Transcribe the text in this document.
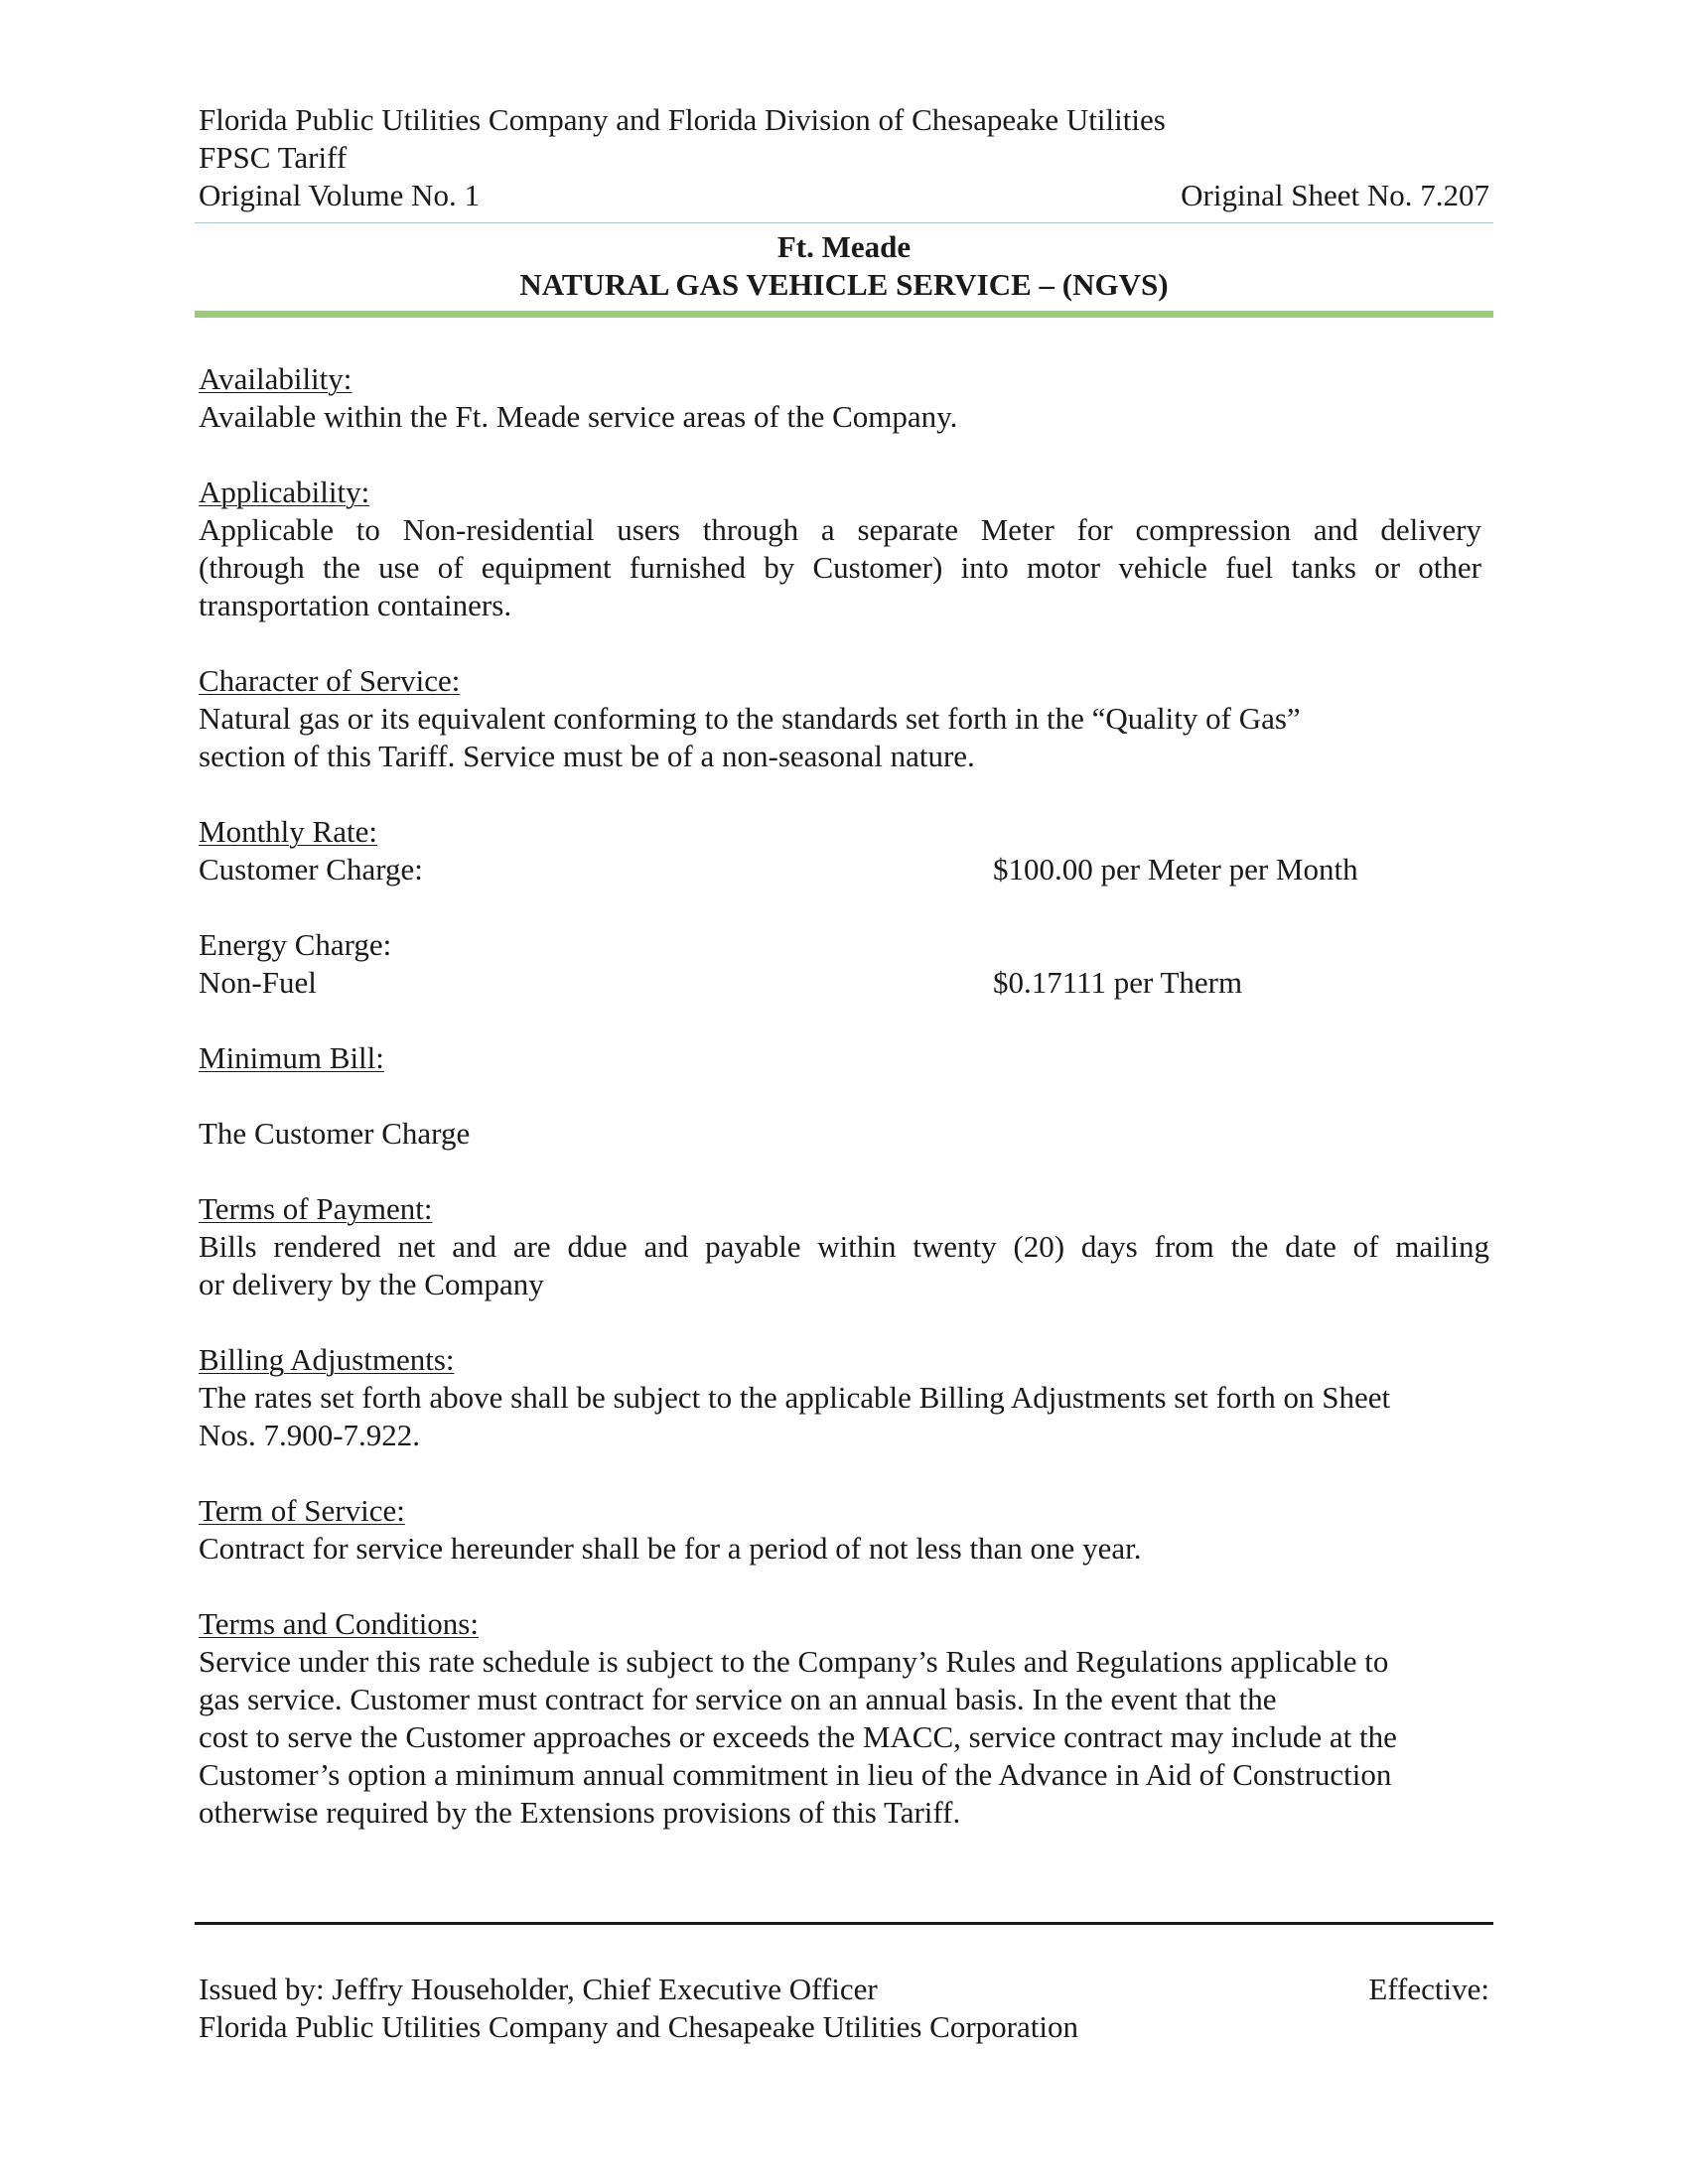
Florida Public Utilities Company and Florida Division of Chesapeake Utilities
FPSC Tariff
Original Volume No. 1	Original Sheet No. 7.207
Ft. Meade
NATURAL GAS VEHICLE SERVICE – (NGVS)
Availability:
Available within the Ft. Meade service areas of the Company.
Applicability:
Applicable to Non-residential users through a separate Meter for compression and delivery
(through the use of equipment furnished by Customer) into motor vehicle fuel tanks or other
transportation containers.
Character of Service:
Natural gas or its equivalent conforming to the standards set forth in the “Quality of Gas”
section of this Tariff. Service must be of a non-seasonal nature.
Monthly Rate:
Customer Charge:	$100.00 per Meter per Month
Energy Charge:
Non-Fuel	$0.17111 per Therm
Minimum Bill:
The Customer Charge
Terms of Payment:
Bills rendered net and are ddue and payable within twenty (20) days from the date of mailing
or delivery by the Company
Billing Adjustments:
The rates set forth above shall be subject to the applicable Billing Adjustments set forth on Sheet
Nos. 7.900-7.922.
Term of Service:
Contract for service hereunder shall be for a period of not less than one year.
Terms and Conditions:
Service under this rate schedule is subject to the Company’s Rules and Regulations applicable to
gas service. Customer must contract for service on an annual basis. In the event that the
cost to serve the Customer approaches or exceeds the MACC, service contract may include at the
Customer’s option a minimum annual commitment in lieu of the Advance in Aid of Construction
otherwise required by the Extensions provisions of this Tariff.
Issued by: Jeffry Householder, Chief Executive Officer	Effective:
Florida Public Utilities Company and Chesapeake Utilities Corporation
